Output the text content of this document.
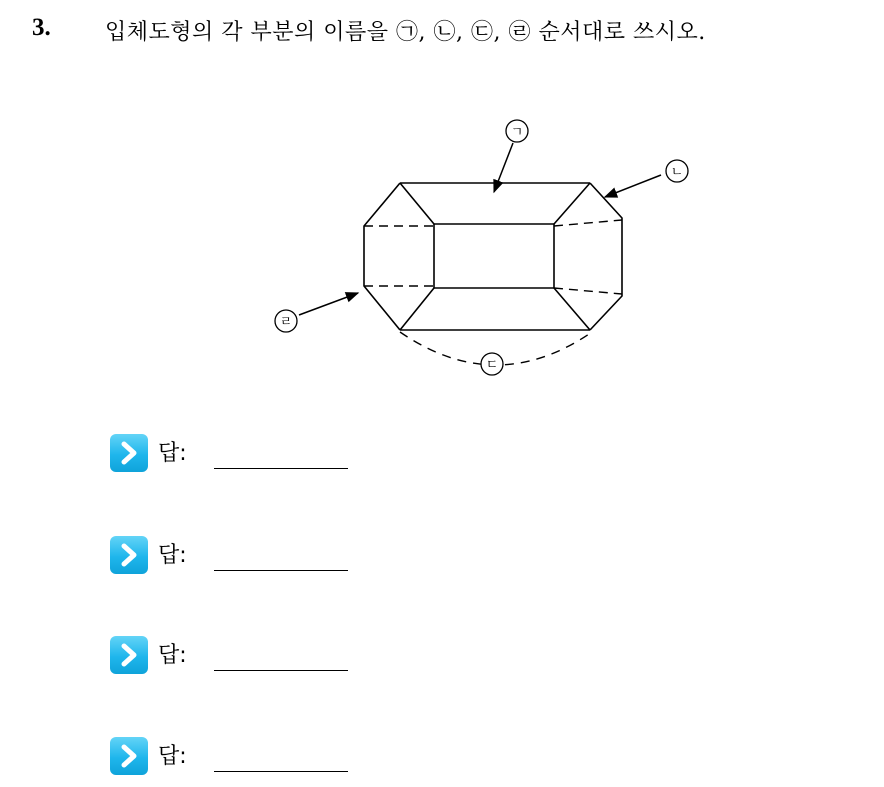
3. 입체도형의 각 부분의 이름을 ㉠, ㉡, ㉢, ㉣ 순서대로 쓰시오.
ㄱ
ㄴ
ㄷ
ㄹ
답:
답:
답:
답:
